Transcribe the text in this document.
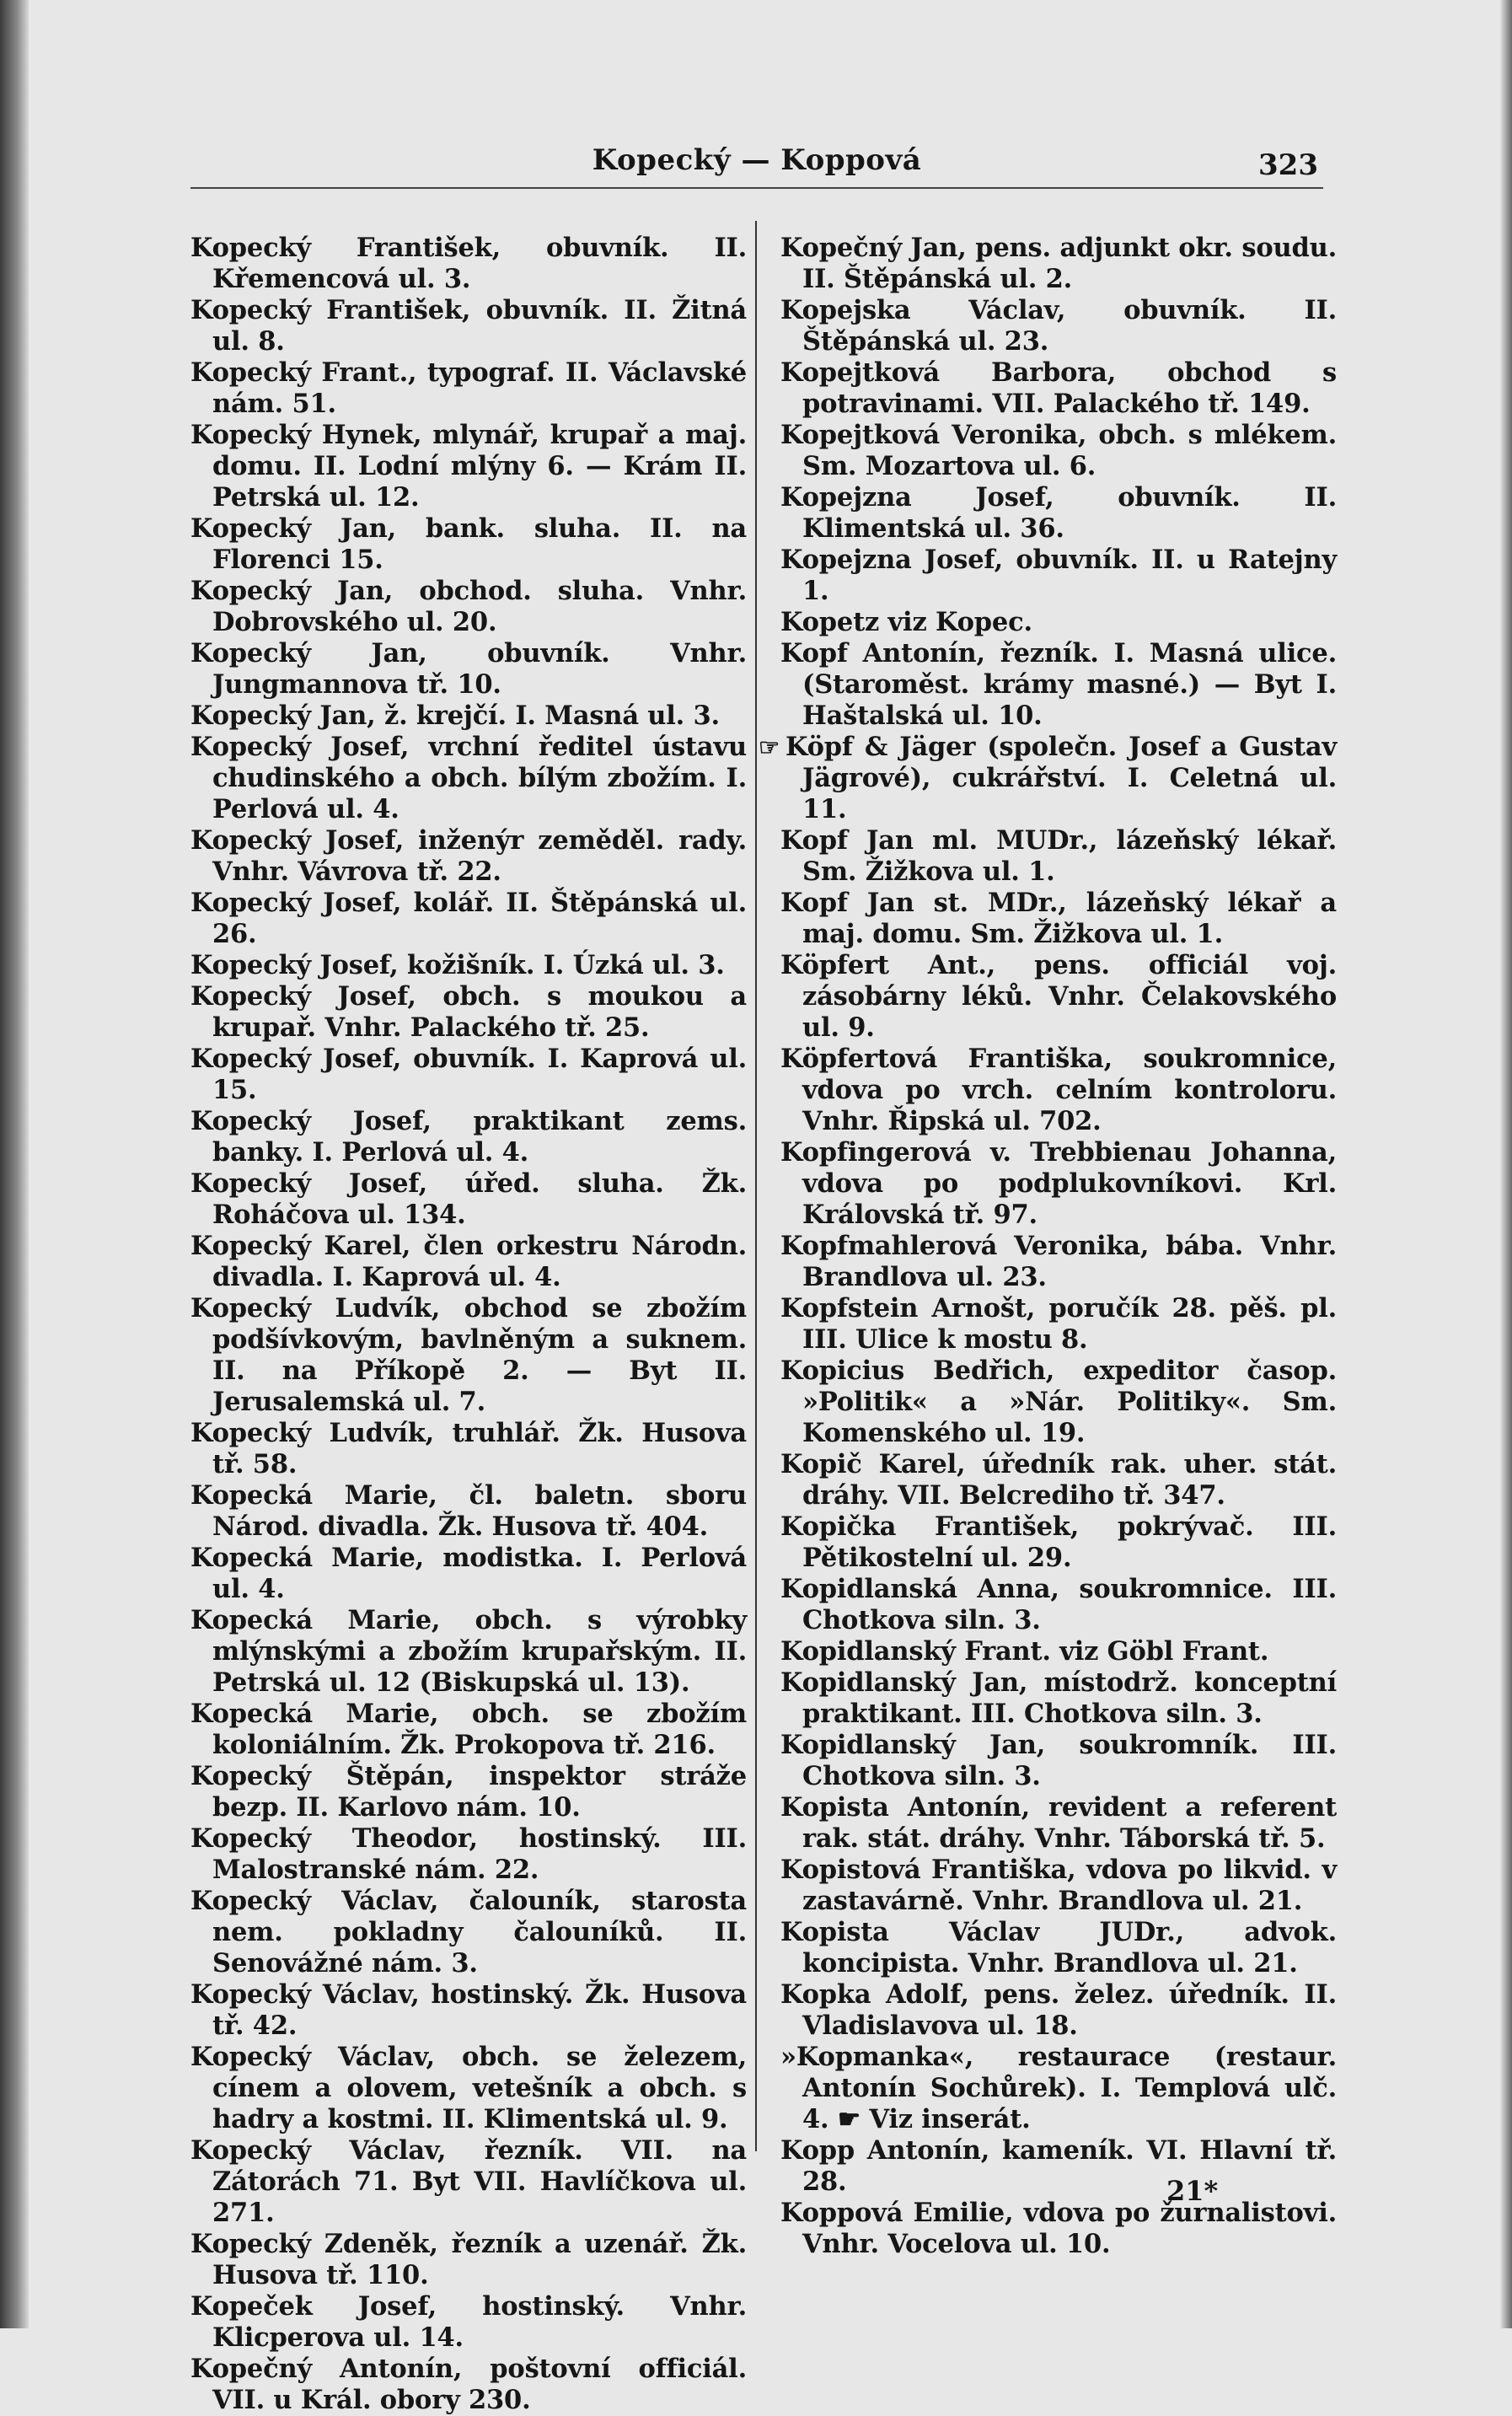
Kopecký — Koppová	323

Kopecký František, obuvník. II. Křemencová ul. 3.

Kopecký František, obuvník. II. Žitná ul. 8.

Kopecký Frant., typograf. II. Václavské nám. 51.

Kopecký Hynek, mlynář, krupař a maj. domu. II. Lodní mlýny 6. — Krám II. Petrská ul. 12.

Kopecký Jan, bank. sluha. II. na Florenci 15.

Kopecký Jan, obchod. sluha. Vnhr. Dobrovského ul. 20.

Kopecký Jan, obuvník. Vnhr. Jungmannova tř. 10.

Kopecký Jan, ž. krejčí. I. Masná ul. 3.

Kopecký Josef, vrchní ředitel ústavu chudinského a obch. bílým zbožím. I. Perlová ul. 4.

Kopecký Josef, inženýr zeměděl. rady. Vnhr. Vávrova tř. 22.

Kopecký Josef, kolář. II. Štěpánská ul. 26.

Kopecký Josef, kožišník. I. Úzká ul. 3.

Kopecký Josef, obch. s moukou a krupař. Vnhr. Palackého tř. 25.

Kopecký Josef, obuvník. I. Kaprová ul. 15.

Kopecký Josef, praktikant zems. banky. I. Perlová ul. 4.

Kopecký Josef, úřed. sluha. Žk. Roháčova ul. 134.

Kopecký Karel, člen orkestru Národn. divadla. I. Kaprová ul. 4.

Kopecký Ludvík, obchod se zbožím podšívkovým, bavlněným a suknem. II. na Příkopě 2. — Byt II. Jerusalemská ul. 7.

Kopecký Ludvík, truhlář. Žk. Husova tř. 58.

Kopecká Marie, čl. baletn. sboru Národ. divadla. Žk. Husova tř. 404.

Kopecká Marie, modistka. I. Perlová ul. 4.

Kopecká Marie, obch. s výrobky mlýnskými a zbožím krupařským. II. Petrská ul. 12 (Biskupská ul. 13).

Kopecká Marie, obch. se zbožím koloniálním. Žk. Prokopova tř. 216.

Kopecký Štěpán, inspektor stráže bezp. II. Karlovo nám. 10.

Kopecký Theodor, hostinský. III. Malostranské nám. 22.

Kopecký Václav, čalouník, starosta nem. pokladny čalouníků. II. Senovážné nám. 3.

Kopecký Václav, hostinský. Žk. Husova tř. 42.

Kopecký Václav, obch. se železem, cínem a olovem, vetešník a obch. s hadry a kostmi. II. Klimentská ul. 9.

Kopecký Václav, řezník. VII. na Zátorách 71. Byt VII. Havlíčkova ul. 271.

Kopecký Zdeněk, řezník a uzenář. Žk. Husova tř. 110.

Kopeček Josef, hostinský. Vnhr. Klicperova ul. 14.

Kopečný Antonín, poštovní officiál. VII. u Král. obory 230.

Kopečný Jan, pens. adjunkt okr. soudu. II. Štěpánská ul. 2.

Kopejska Václav, obuvník. II. Štěpánská ul. 23.

Kopejtková Barbora, obchod s potravinami. VII. Palackého tř. 149.

Kopejtková Veronika, obch. s mlékem. Sm. Mozartova ul. 6.

Kopejzna Josef, obuvník. II. Klimentská ul. 36.

Kopejzna Josef, obuvník. II. u Ratejny 1.

Kopetz viz Kopec.

Kopf Antonín, řezník. I. Masná ulice. (Staroměst. krámy masné.) — Byt I. Haštalská ul. 10.

☞ Köpf & Jäger (společn. Josef a Gustav Jägrové), cukrářství. I. Celetná ul. 11.

Kopf Jan ml. MUDr., lázeňský lékař. Sm. Žižkova ul. 1.

Kopf Jan st. MDr., lázeňský lékař a maj. domu. Sm. Žižkova ul. 1.

Köpfert Ant., pens. officiál voj. zásobárny léků. Vnhr. Čelakovského ul. 9.

Köpfertová Františka, soukromnice, vdova po vrch. celním kontroloru. Vnhr. Řipská ul. 702.

Kopfingerová v. Trebbienau Johanna, vdova po podplukovníkovi. Krl. Královská tř. 97.

Kopfmahlerová Veronika, bába. Vnhr. Brandlova ul. 23.

Kopfstein Arnošt, poručík 28. pěš. pl. III. Ulice k mostu 8.

Kopicius Bedřich, expeditor časop. »Politik« a »Nár. Politiky«. Sm. Komenského ul. 19.

Kopič Karel, úředník rak. uher. stát. dráhy. VII. Belcrediho tř. 347.

Kopička František, pokrývač. III. Pětikostelní ul. 29.

Kopidlanská Anna, soukromnice. III. Chotkova siln. 3.

Kopidlanský Frant. viz Göbl Frant.

Kopidlanský Jan, místodrž. konceptní praktikant. III. Chotkova siln. 3.

Kopidlanský Jan, soukromník. III. Chotkova siln. 3.

Kopista Antonín, revident a referent rak. stát. dráhy. Vnhr. Táborská tř. 5.

Kopistová Františka, vdova po likvid. v zastavárně. Vnhr. Brandlova ul. 21.

Kopista Václav JUDr., advok. koncipista. Vnhr. Brandlova ul. 21.

Kopka Adolf, pens. želez. úředník. II. Vladislavova ul. 18.

»Kopmanka«, restaurace (restaur. Antonín Sochůrek). I. Templová ulč. 4. ☛ Viz inserát.

Kopp Antonín, kameník. VI. Hlavní tř. 28.

Koppová Emilie, vdova po žurnalistovi. Vnhr. Vocelova ul. 10.

21*
